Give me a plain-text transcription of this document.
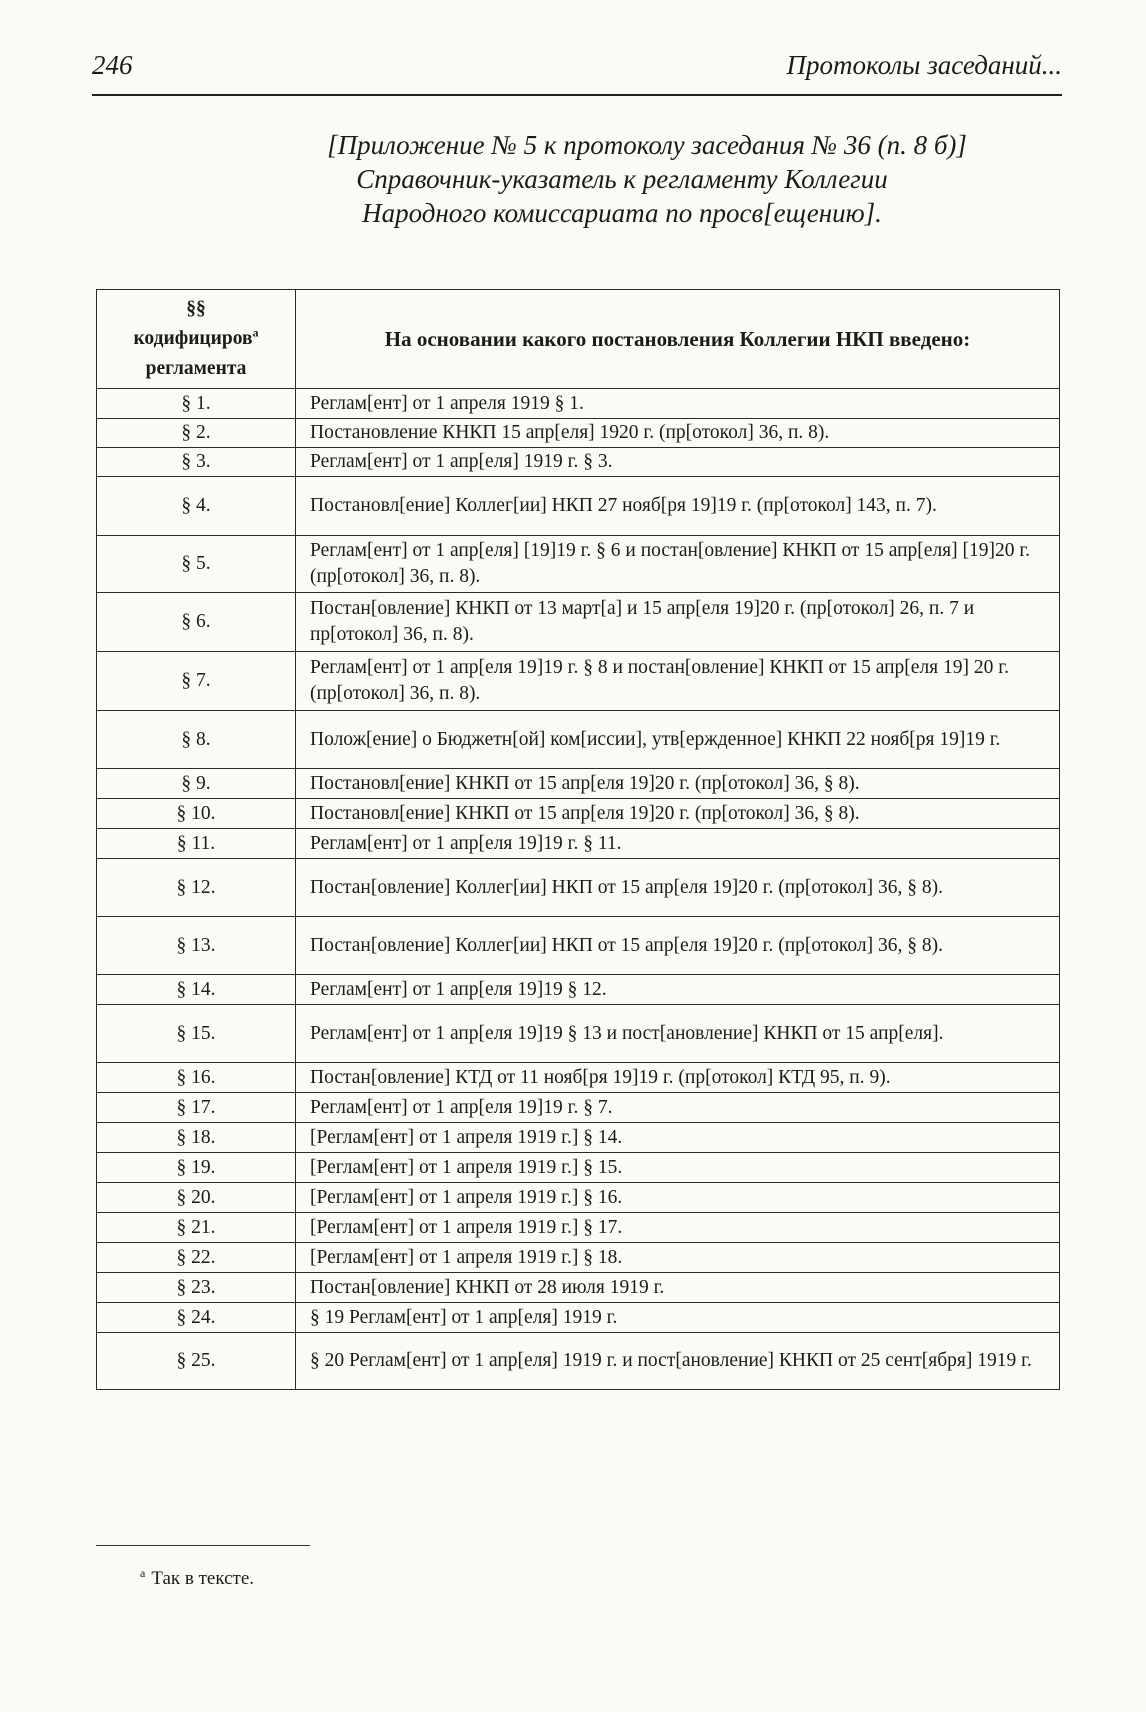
246	Протоколы заседаний...
[Приложение № 5 к протоколу заседания № 36 (п. 8 б)]
Справочник-указатель к регламенту Коллегии
Народного комиссариата по просв[ещению].
§§
кодифициров$^а$
регламента	На основании какого постановления Коллегии НКП введено:
§ 1.	Реглам[ент] от 1 апреля 1919 § 1.
§ 2.	Постановление КНКП 15 апр[еля] 1920 г. (пр[отокол] 36, п. 8).
§ 3.	Реглам[ент] от 1 апр[еля] 1919 г. § 3.
§ 4.	Постановл[ение] Коллег[ии] НКП 27 нояб[ря 19]19 г. (пр[отокол] 143, п. 7).
§ 5.	Реглам[ент] от 1 апр[еля] [19]19 г. § 6 и постан[овление] КНКП от 15 апр[еля] [19]20 г. (пр[отокол] 36, п. 8).
§ 6.	Постан[овление] КНКП от 13 март[а] и 15 апр[еля 19]20 г. (пр[отокол] 26, п. 7 и пр[отокол] 36, п. 8).
§ 7.	Реглам[ент] от 1 апр[еля 19]19 г. § 8 и постан[овление] КНКП от 15 апр[еля 19] 20 г. (пр[отокол] 36, п. 8).
§ 8.	Полож[ение] о Бюджетн[ой] ком[иссии], утв[ержденное] КНКП 22 нояб[ря 19]19 г.
§ 9.	Постановл[ение] КНКП от 15 апр[еля 19]20 г. (пр[отокол] 36, § 8).
§ 10.	Постановл[ение] КНКП от 15 апр[еля 19]20 г. (пр[отокол] 36, § 8).
§ 11.	Реглам[ент] от 1 апр[еля 19]19 г. § 11.
§ 12.	Постан[овление] Коллег[ии] НКП от 15 апр[еля 19]20 г. (пр[отокол] 36, § 8).
§ 13.	Постан[овление] Коллег[ии] НКП от 15 апр[еля 19]20 г. (пр[отокол] 36, § 8).
§ 14.	Реглам[ент] от 1 апр[еля 19]19 § 12.
§ 15.	Реглам[ент] от 1 апр[еля 19]19 § 13 и пост[ановление] КНКП от 15 апр[еля].
§ 16.	Постан[овление] КТД от 11 нояб[ря 19]19 г. (пр[отокол] КТД 95, п. 9).
§ 17.	Реглам[ент] от 1 апр[еля 19]19 г. § 7.
§ 18.	[Реглам[ент] от 1 апреля 1919 г.] § 14.
§ 19.	[Реглам[ент] от 1 апреля 1919 г.] § 15.
§ 20.	[Реглам[ент] от 1 апреля 1919 г.] § 16.
§ 21.	[Реглам[ент] от 1 апреля 1919 г.] § 17.
§ 22.	[Реглам[ент] от 1 апреля 1919 г.] § 18.
§ 23.	Постан[овление] КНКП от 28 июля 1919 г.
§ 24.	§ 19 Реглам[ент] от 1 апр[еля] 1919 г.
§ 25.	§ 20 Реглам[ент] от 1 апр[еля] 1919 г. и пост[ановление] КНКП от 25 сент[ября] 1919 г.
$^а$ Так в тексте.
